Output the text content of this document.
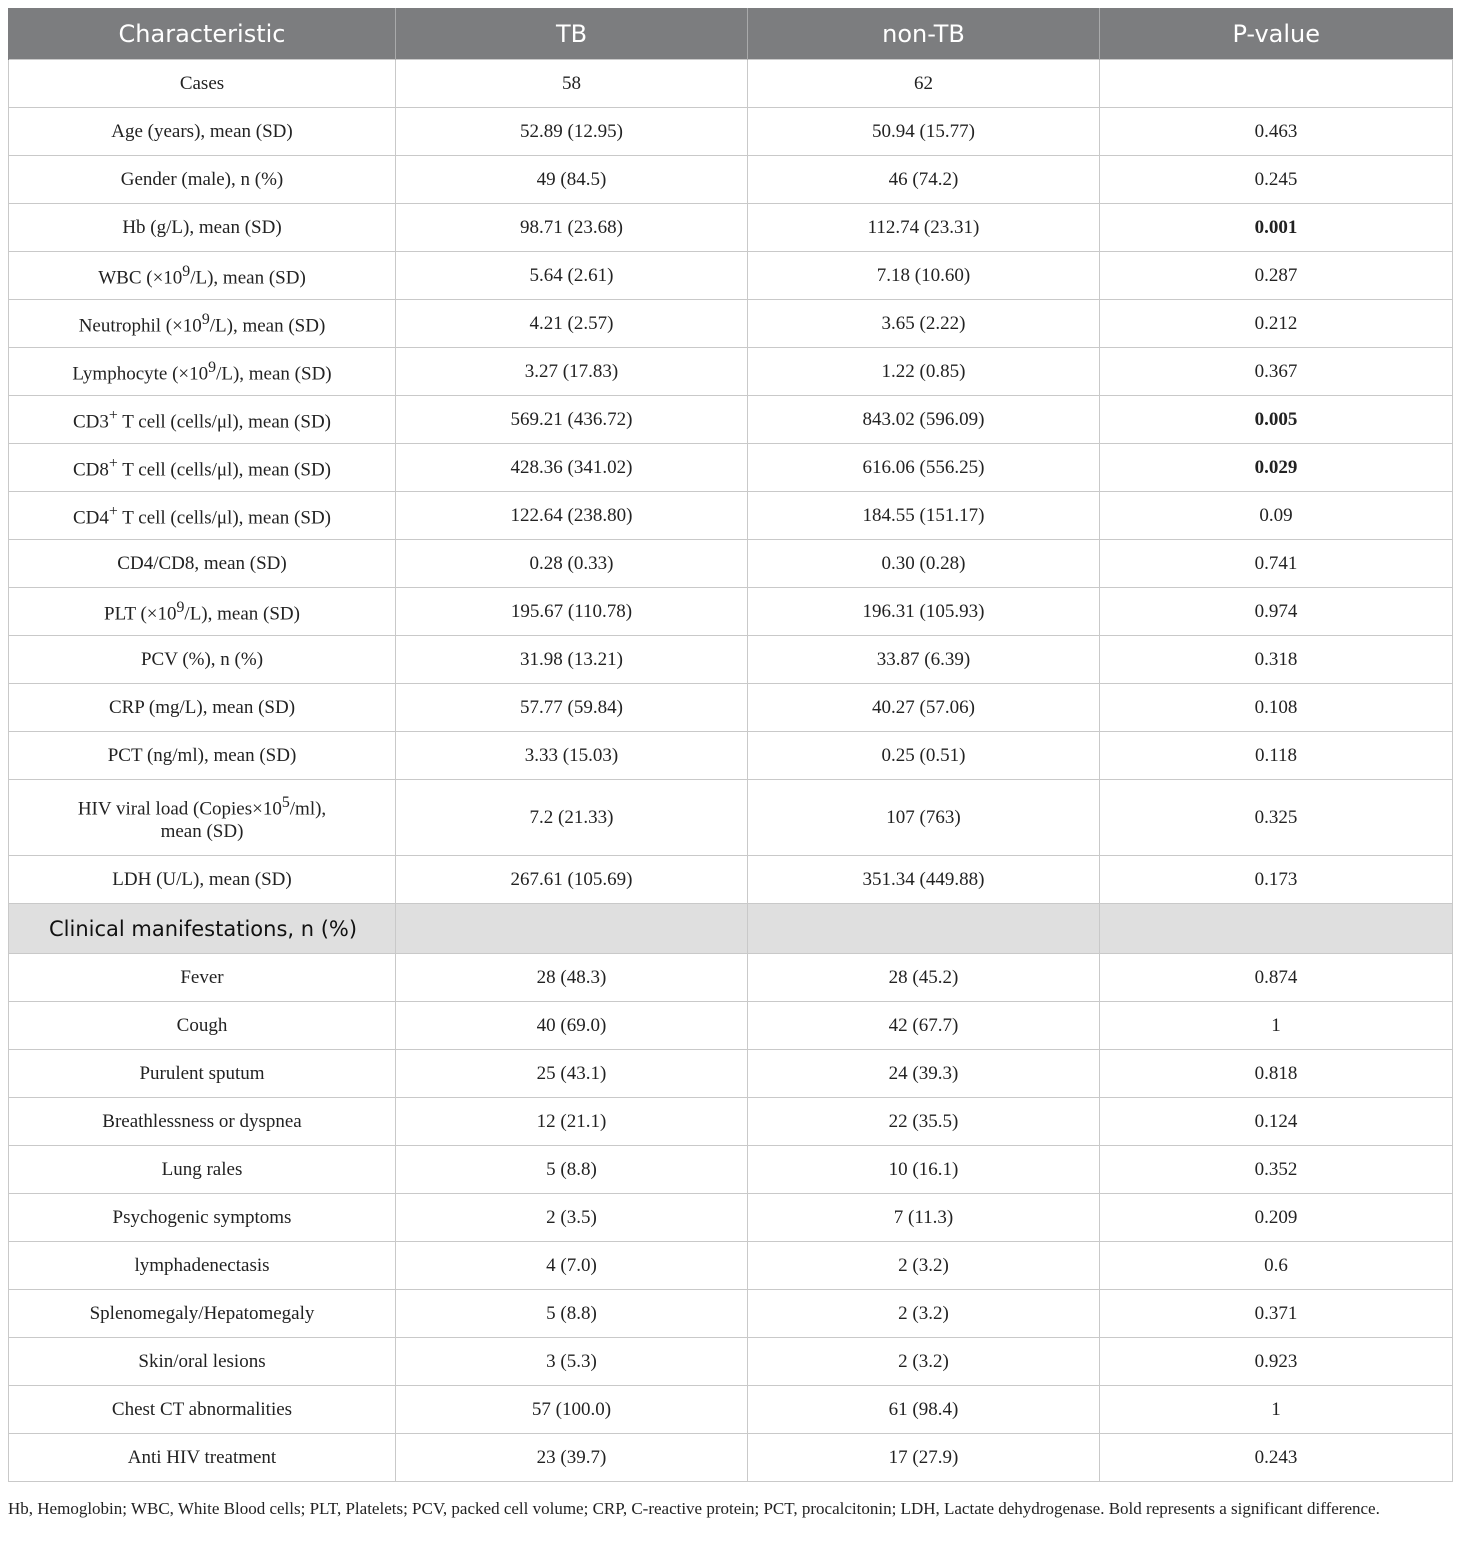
Characteristic	TB	non-TB	P-value
Cases	58	62	
Age (years), mean (SD)	52.89 (12.95)	50.94 (15.77)	0.463
Gender (male), n (%)	49 (84.5)	46 (74.2)	0.245
Hb (g/L), mean (SD)	98.71 (23.68)	112.74 (23.31)	0.001
WBC $(\times 10^9/L)$, mean (SD)	5.64 (2.61)	7.18 (10.60)	0.287
Neutrophil $(\times 10^9/L)$, mean (SD)	4.21 (2.57)	3.65 (2.22)	0.212
Lymphocyte $(\times 10^9/L)$, mean (SD)	3.27 (17.83)	1.22 (0.85)	0.367
CD3+ T cell (cells/μl), mean (SD)	569.21 (436.72)	843.02 (596.09)	0.005
CD8+ T cell (cells/μl), mean (SD)	428.36 (341.02)	616.06 (556.25)	0.029
CD4+ T cell (cells/μl), mean (SD)	122.64 (238.80)	184.55 (151.17)	0.09
CD4/CD8, mean (SD)	0.28 (0.33)	0.30 (0.28)	0.741
PLT $(\times 10^9/L)$, mean (SD)	195.67 (110.78)	196.31 (105.93)	0.974
PCV (%), n (%)	31.98 (13.21)	33.87 (6.39)	0.318
CRP (mg/L), mean (SD)	57.77 (59.84)	40.27 (57.06)	0.108
PCT (ng/ml), mean (SD)	3.33 (15.03)	0.25 (0.51)	0.118
HIV viral load $(Copies\times 10^5/ml)$,
mean (SD)	7.2 (21.33)	107 (763)	0.325
LDH (U/L), mean (SD)	267.61 (105.69)	351.34 (449.88)	0.173
Clinical manifestations, n (%)			
Fever	28 (48.3)	28 (45.2)	0.874
Cough	40 (69.0)	42 (67.7)	1
Purulent sputum	25 (43.1)	24 (39.3)	0.818
Breathlessness or dyspnea	12 (21.1)	22 (35.5)	0.124
Lung rales	5 (8.8)	10 (16.1)	0.352
Psychogenic symptoms	2 (3.5)	7 (11.3)	0.209
lymphadenectasis	4 (7.0)	2 (3.2)	0.6
Splenomegaly/Hepatomegaly	5 (8.8)	2 (3.2)	0.371
Skin/oral lesions	3 (5.3)	2 (3.2)	0.923
Chest CT abnormalities	57 (100.0)	61 (98.4)	1
Anti HIV treatment	23 (39.7)	17 (27.9)	0.243
Hb, Hemoglobin; WBC, White Blood cells; PLT, Platelets; PCV, packed cell volume; CRP, C-reactive protein; PCT, procalcitonin; LDH, Lactate dehydrogenase. Bold represents a significant difference.
